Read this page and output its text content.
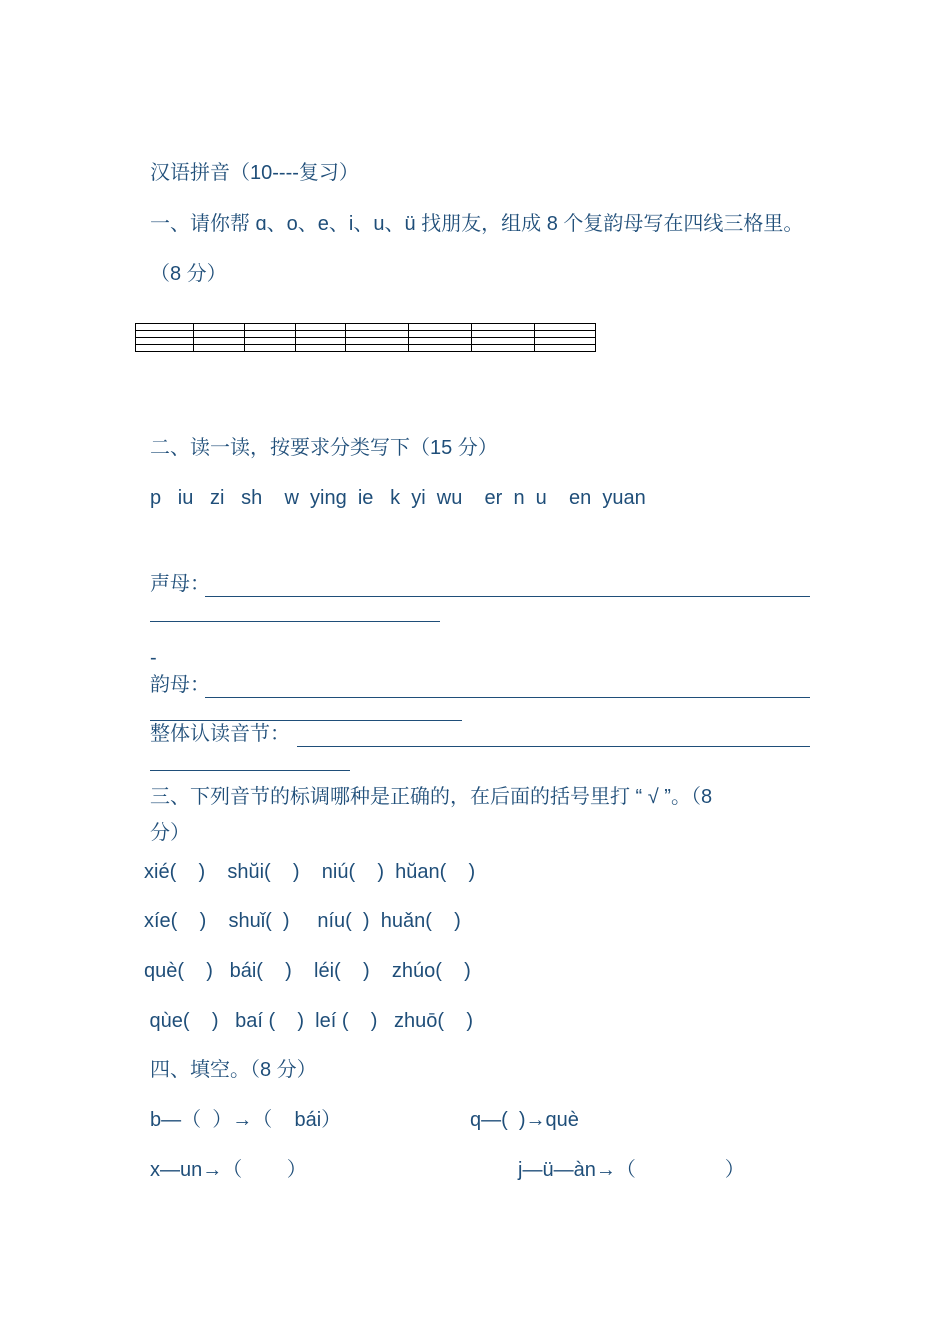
汉语拼音（10----复习）
一、请你帮 ɑ、o、e、i、u、ü 找朋友，组成 8 个复韵母写在四线三格里。
（8 分）
二、读一读，按要求分类写下（15 分）
p   iu   zi   sh    w  ying  ie   k  yi  wu    er  n  u    en  yuan
声母：
-
韵母：
整体认读音节：
三、下列音节的标调哪种是正确的，在后面的括号里打 “ √ ”。（8
分）
xié(    )    shŭi(    )    niú(    )  hŭan(    )
xíe(    )    shuǐ(  )     níu(  )  huǎn(    )
què(    )   bái(    )    léi(    )    zhúo(    )
qùe(    )   baí (    )  leí (    )   zhuō(    )
四、填空。（8 分）
b—（  ）→（    bái）	q—(  )→què
x—un→（        ）	j—ü—àn→（                ）
